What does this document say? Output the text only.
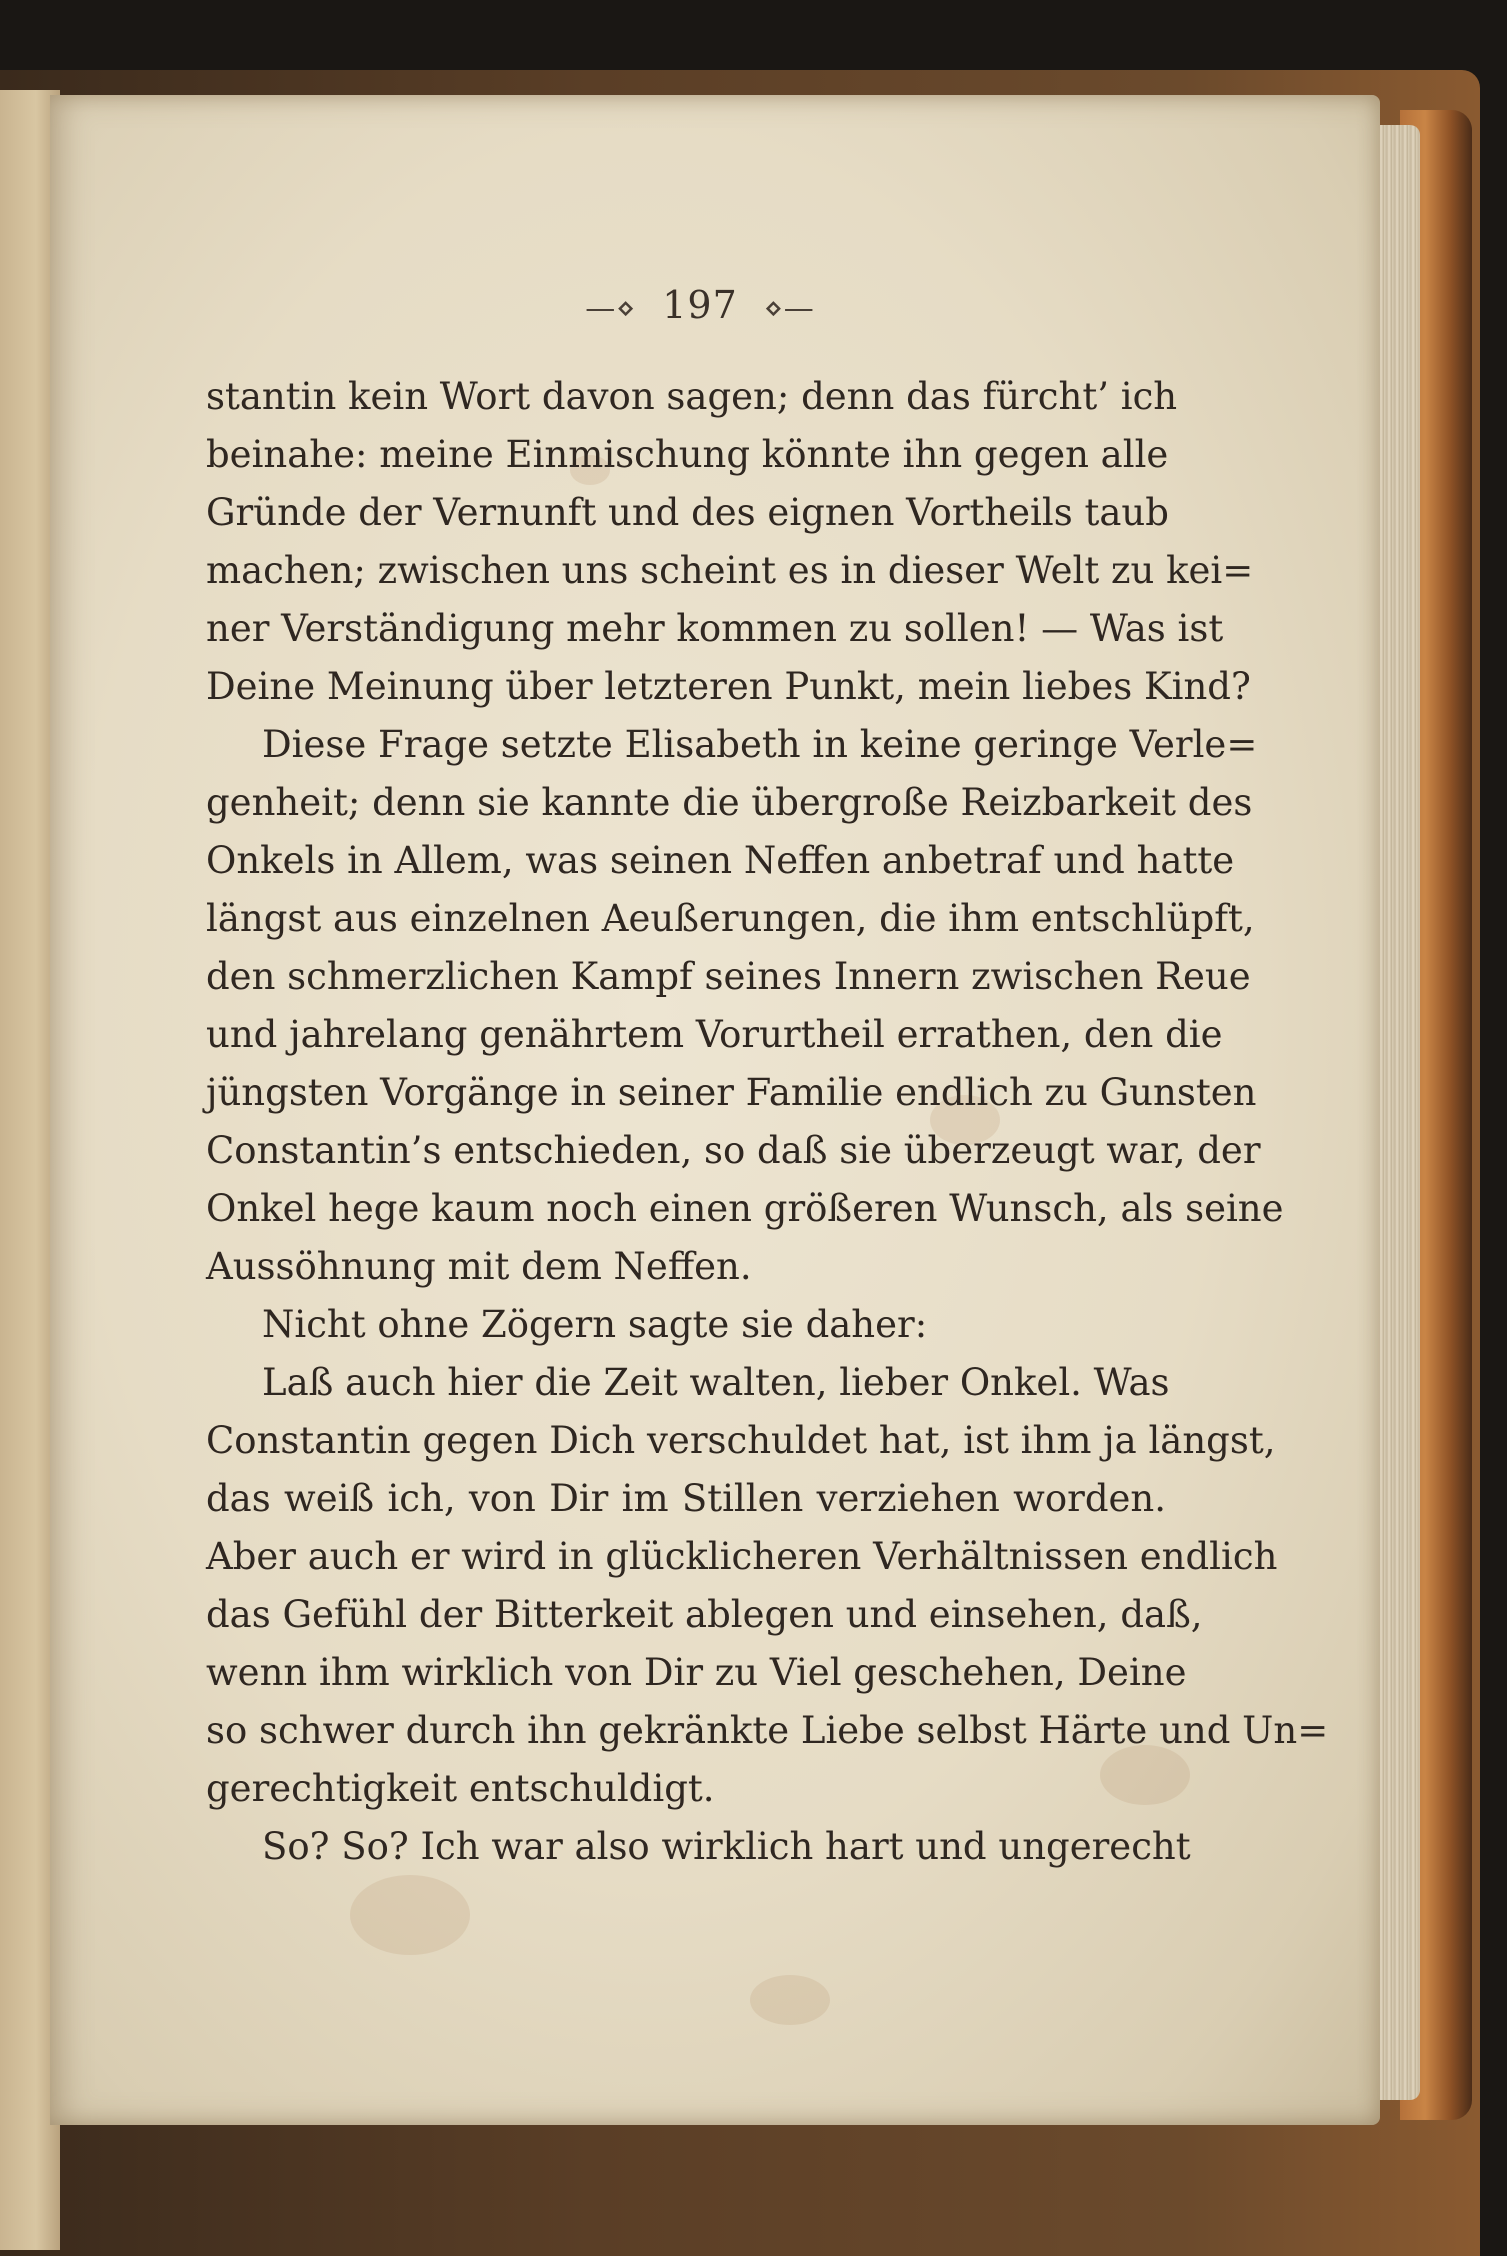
—⋄ 197 ⋄—
stantin kein Wort davon sagen; denn das fürcht’ ich
beinahe: meine Einmischung könnte ihn gegen alle
Gründe der Vernunft und des eignen Vortheils taub
machen; zwischen uns scheint es in dieser Welt zu kei=
ner Verständigung mehr kommen zu sollen! — Was ist
Deine Meinung über letzteren Punkt, mein liebes Kind?
Diese Frage setzte Elisabeth in keine geringe Verle=
genheit; denn sie kannte die übergroße Reizbarkeit des
Onkels in Allem, was seinen Neffen anbetraf und hatte
längst aus einzelnen Aeußerungen, die ihm entschlüpft,
den schmerzlichen Kampf seines Innern zwischen Reue
und jahrelang genährtem Vorurtheil errathen, den die
jüngsten Vorgänge in seiner Familie endlich zu Gunsten
Constantin’s entschieden, so daß sie überzeugt war, der
Onkel hege kaum noch einen größeren Wunsch, als seine
Aussöhnung mit dem Neffen.
Nicht ohne Zögern sagte sie daher:
Laß auch hier die Zeit walten, lieber Onkel. Was
Constantin gegen Dich verschuldet hat, ist ihm ja längst,
das weiß ich, von Dir im Stillen verziehen worden.
Aber auch er wird in glücklicheren Verhältnissen endlich
das Gefühl der Bitterkeit ablegen und einsehen, daß,
wenn ihm wirklich von Dir zu Viel geschehen, Deine
so schwer durch ihn gekränkte Liebe selbst Härte und Un=
gerechtigkeit entschuldigt.
So? So? Ich war also wirklich hart und ungerecht
